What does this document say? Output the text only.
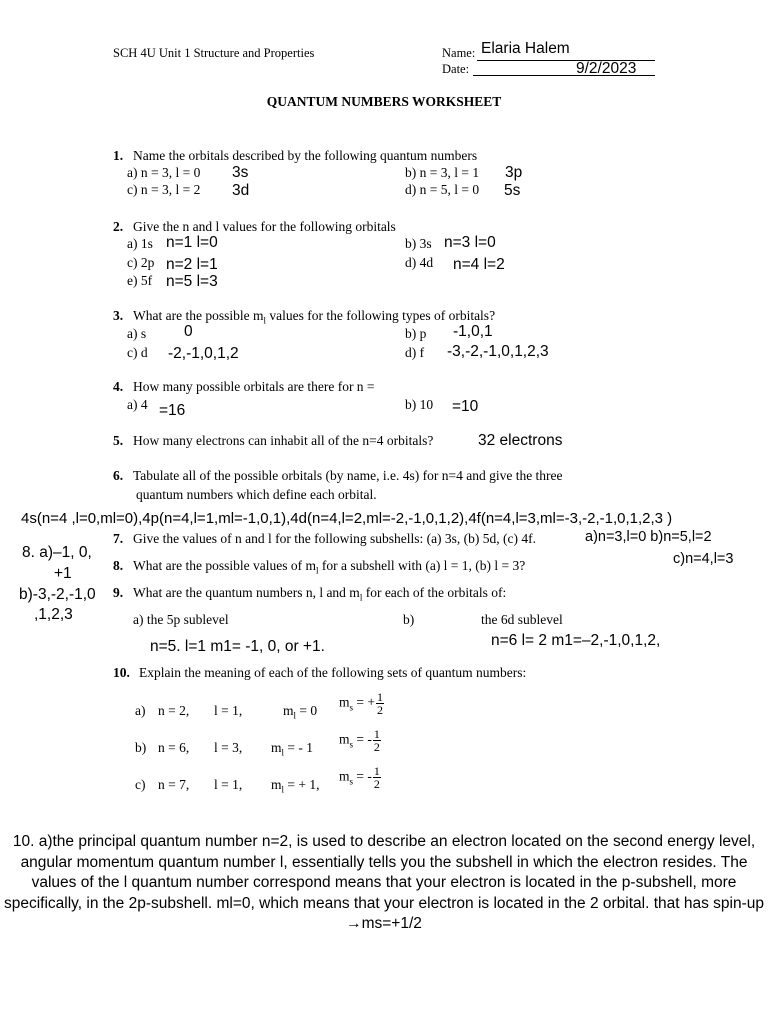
SCH 4U Unit 1 Structure and Properties	Name: Elaria Halem
Date:	9/2/2023
QUANTUM NUMBERS WORKSHEET
1. Name the orbitals described by the following quantum numbers
a) n = 3, l = 0 3s	b) n = 3, l = 1 3p
c) n = 3, l = 2 3d	d) n = 5, l = 0 5s
2. Give the n and l values for the following orbitals
a) 1s n=1 l=0	b) 3s n=3 l=0
c) 2p n=2 l=1	d) 4d n=4 l=2
e) 5f n=5 l=3
3. What are the possible $m_l$ values for the following types of orbitals?
a) s 0	b) p -1,0,1
c) d -2,-1,0,1,2	d) f -3,-2,-1,0,1,2,3
4. How many possible orbitals are there for n =
a) 4 =16	b) 10 =10
5. How many electrons can inhabit all of the n=4 orbitals?	32 electrons
6. Tabulate all of the possible orbitals (by name, i.e. 4s) for n=4 and give the three
quantum numbers which define each orbital.
4s(n=4 ,l=0,ml=0),4p(n=4,l=1,ml=-1,0,1),4d(n=4,l=2,ml=-2,-1,0,1,2),4f(n=4,l=3,ml=-3,-2,-1,0,1,2,3 )
7. Give the values of n and l for the following subshells: (a) 3s, (b) 5d, (c) 4f.	a)n=3,l=0 b)n=5,l=2
c)n=4,l=3
8. What are the possible values of $m_l$ for a subshell with (a) l = 1, (b) l = 3?
8. a)–1, 0,
+1
b)-3,-2,-1,0
,1,2,3
9. What are the quantum numbers n, l and $m_l$ for each of the orbitals of:
a) the 5p sublevel	b)	the 6d sublevel
n=5. l=1 m1= -1, 0, or +1.	n=6 l= 2 m1=–2,-1,0,1,2,
10. Explain the meaning of each of the following sets of quantum numbers:
a) n = 2, l = 1,	$m_l = 0$
$m_s$ = + $\frac{1}{2}$
b) n = 6, l = 3, $m_l$ = - 1
$m_s$ = - $\frac{1}{2}$
c) n = 7, l = 1, $m_l$ = + 1,
$m_s$ = - $\frac{1}{2}$
10. a)the principal quantum number n=2, is used to describe an electron located on the second energy level, angular momentum quantum number l, essentially tells you the subshell in which the electron resides. The values of the l quantum number correspond means that your electron is located in the p-subshell, more specifically, in the 2p-subshell. ml=0, which means that your electron is located in the 2 orbital. that has spin-up →ms=+1/2
